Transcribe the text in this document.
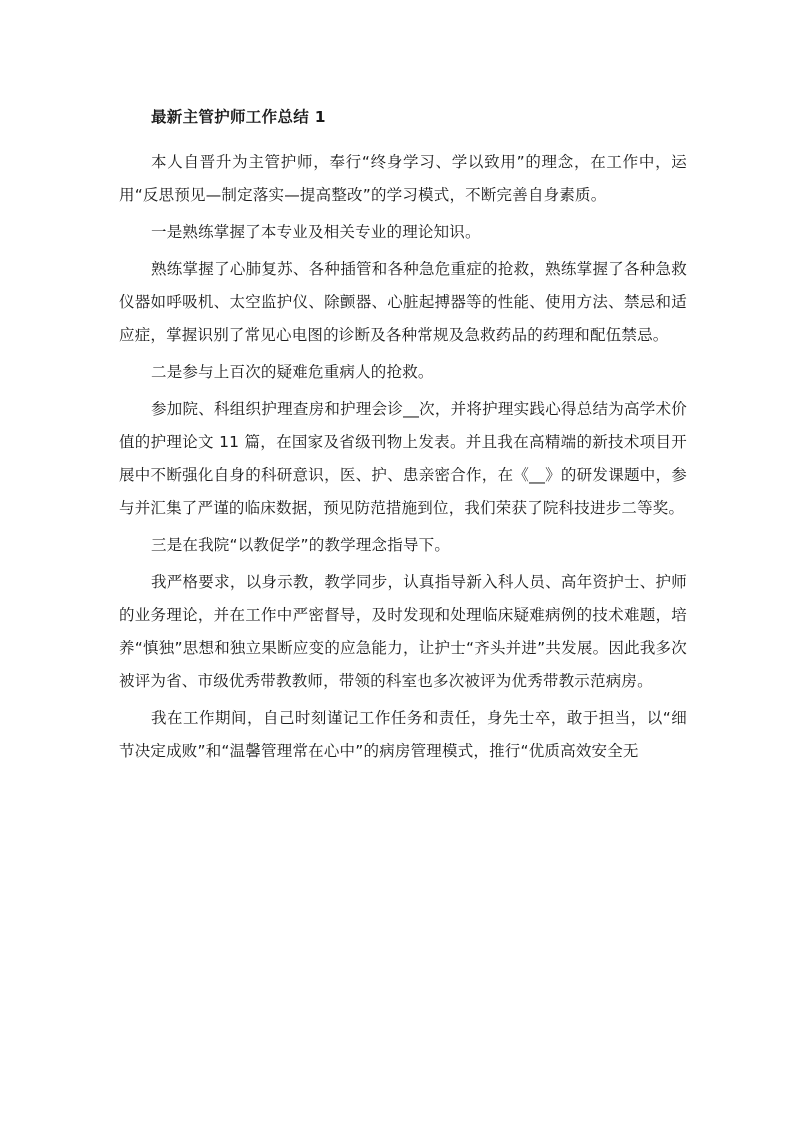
最新主管护师工作总结 1

本人自晋升为主管护师，奉行“终身学习、学以致用”的理念，在工作中，运用“反思预见—制定落实—提高整改”的学习模式，不断完善自身素质。

一是熟练掌握了本专业及相关专业的理论知识。

熟练掌握了心肺复苏、各种插管和各种急危重症的抢救，熟练掌握了各种急救仪器如呼吸机、太空监护仪、除颤器、心脏起搏器等的性能、使用方法、禁忌和适应症，掌握识别了常见心电图的诊断及各种常规及急救药品的药理和配伍禁忌。

二是参与上百次的疑难危重病人的抢救。

参加院、科组织护理查房和护理会诊__次，并将护理实践心得总结为高学术价值的护理论文 11 篇，在国家及省级刊物上发表。并且我在高精端的新技术项目开展中不断强化自身的科研意识，医、护、患亲密合作，在《__》的研发课题中，参与并汇集了严谨的临床数据，预见防范措施到位，我们荣获了院科技进步二等奖。

三是在我院“以教促学”的教学理念指导下。

我严格要求，以身示教，教学同步，认真指导新入科人员、高年资护士、护师的业务理论，并在工作中严密督导，及时发现和处理临床疑难病例的技术难题，培养“慎独”思想和独立果断应变的应急能力，让护士“齐头并进”共发展。因此我多次被评为省、市级优秀带教教师，带领的科室也多次被评为优秀带教示范病房。

我在工作期间，自己时刻谨记工作任务和责任，身先士卒，敢于担当，以“细节决定成败”和“温馨管理常在心中”的病房管理模式，推行“优质高效安全无
